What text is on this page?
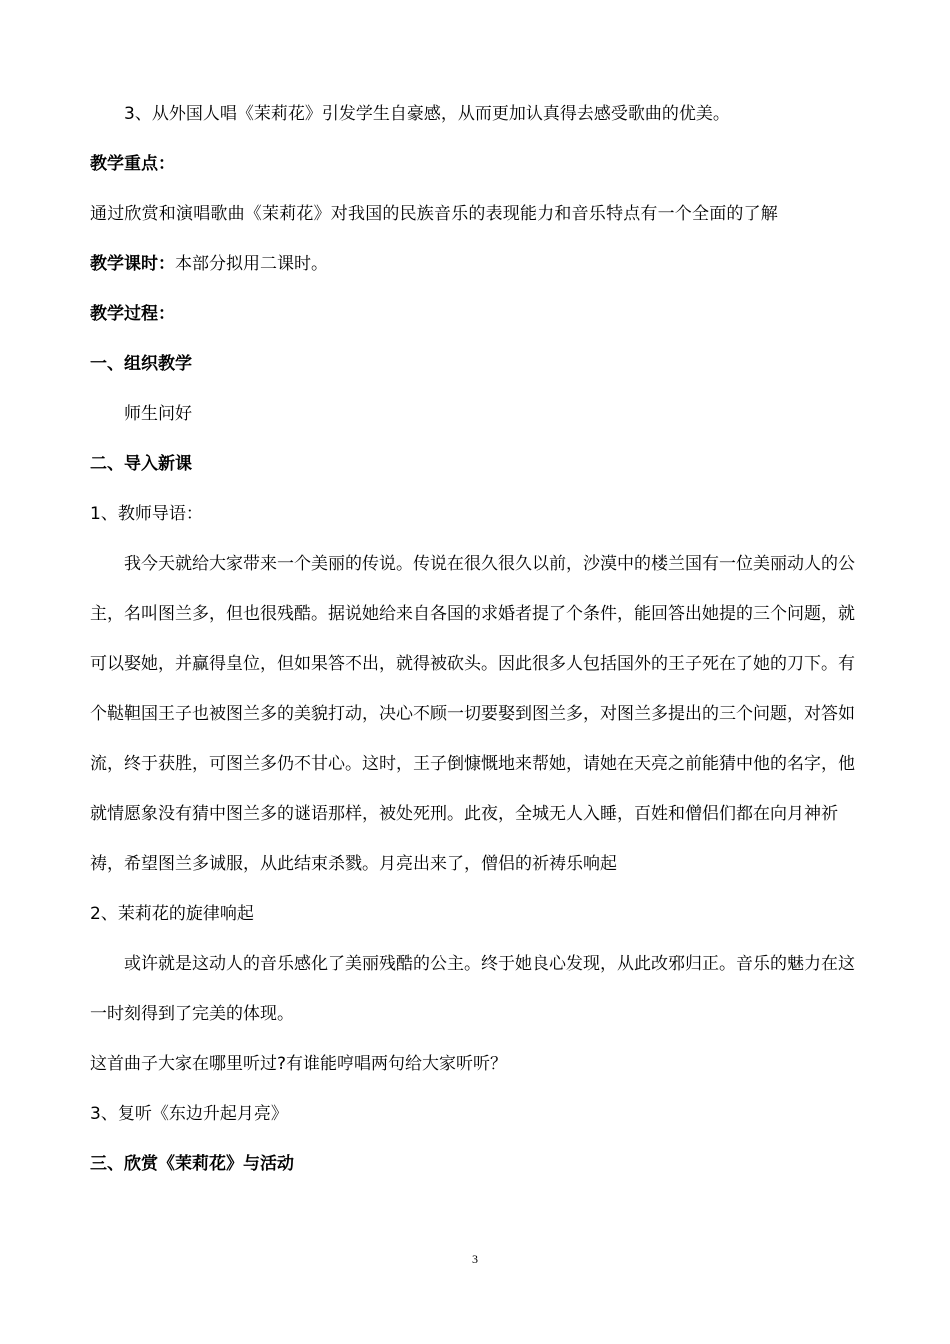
3、从外国人唱《茉莉花》引发学生自豪感，从而更加认真得去感受歌曲的优美。

教学重点：

通过欣赏和演唱歌曲《茉莉花》对我国的民族音乐的表现能力和音乐特点有一个全面的了解

教学课时：本部分拟用二课时。

教学过程：

一、组织教学

师生问好

二、导入新课

1、教师导语：

我今天就给大家带来一个美丽的传说。传说在很久很久以前，沙漠中的楼兰国有一位美丽动人的公主，名叫图兰多，但也很残酷。据说她给来自各国的求婚者提了个条件，能回答出她提的三个问题，就可以娶她，并赢得皇位，但如果答不出，就得被砍头。因此很多人包括国外的王子死在了她的刀下。有个鞑靼国王子也被图兰多的美貌打动，决心不顾一切要娶到图兰多，对图兰多提出的三个问题，对答如流，终于获胜，可图兰多仍不甘心。这时，王子倒慷慨地来帮她，请她在天亮之前能猜中他的名字，他就情愿象没有猜中图兰多的谜语那样，被处死刑。此夜，全城无人入睡，百姓和僧侣们都在向月神祈祷，希望图兰多诚服，从此结束杀戮。月亮出来了，僧侣的祈祷乐响起

2、茉莉花的旋律响起

或许就是这动人的音乐感化了美丽残酷的公主。终于她良心发现，从此改邪归正。音乐的魅力在这一时刻得到了完美的体现。

这首曲子大家在哪里听过?有谁能哼唱两句给大家听听？

3、复听《东边升起月亮》

三、欣赏《茉莉花》与活动

3
